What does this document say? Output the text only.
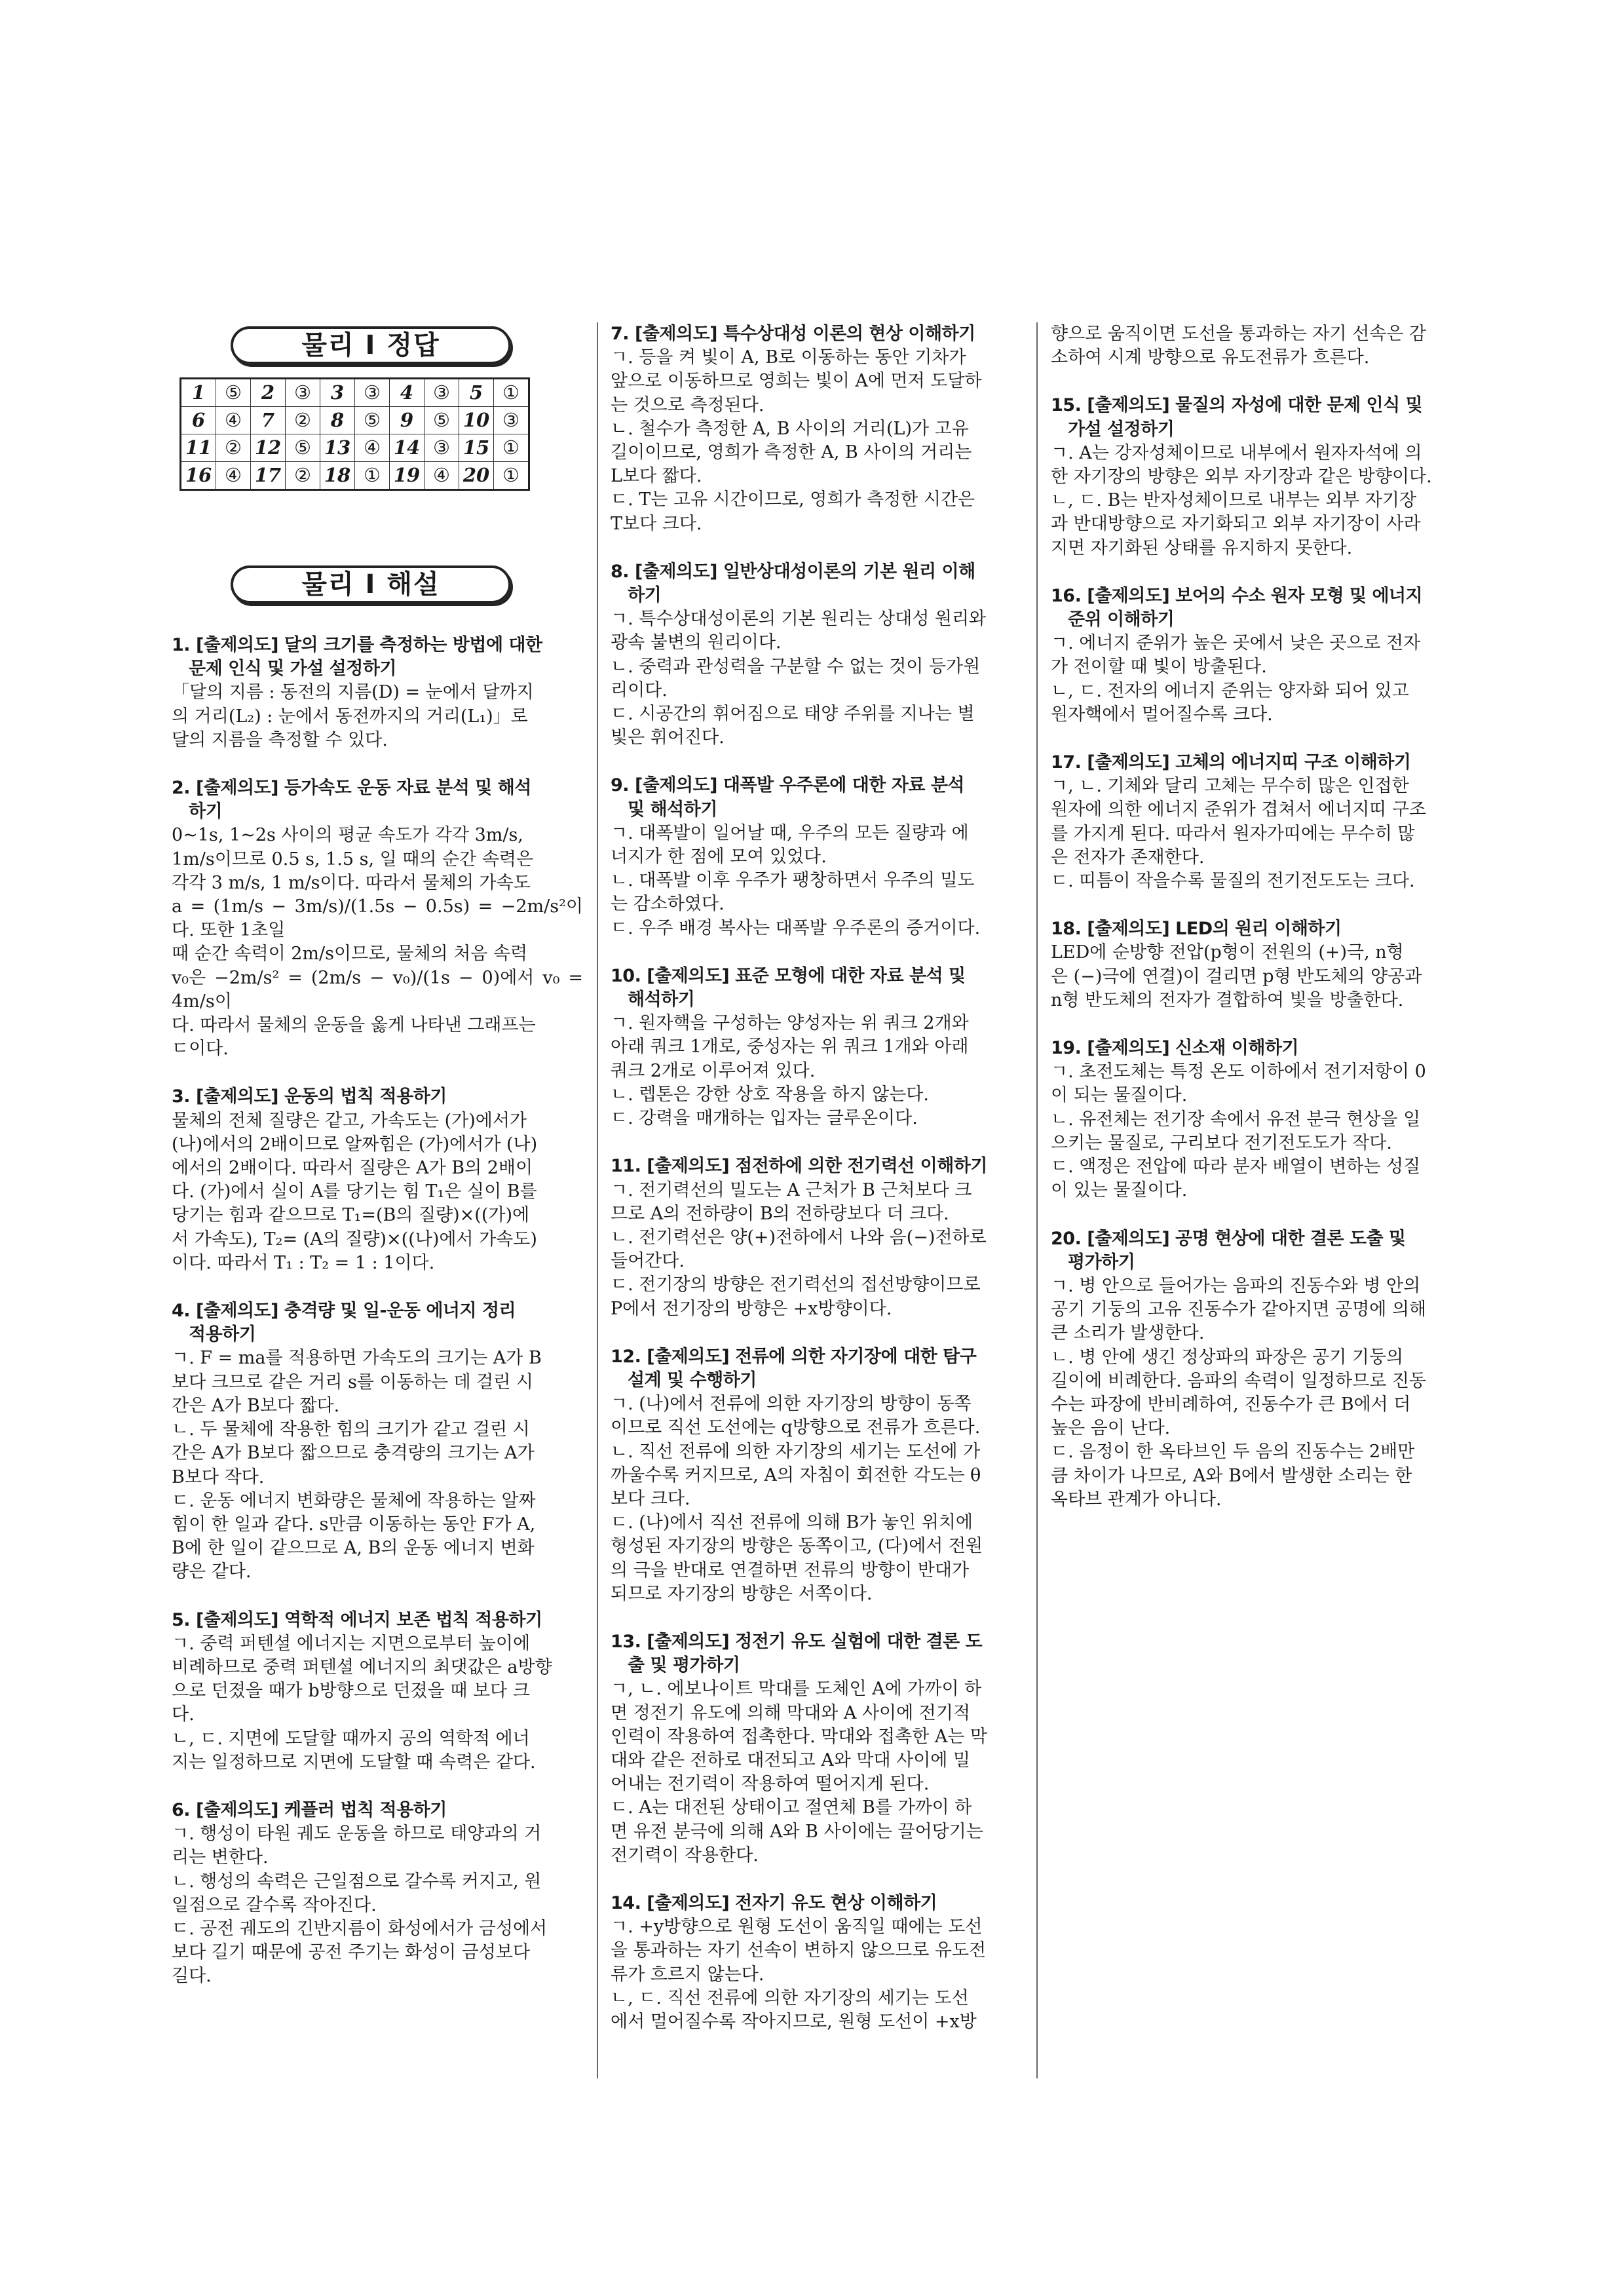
물리 Ⅰ 정답
1	⑤	2	③	3	③	4	③	5	①
6	④	7	②	8	⑤	9	⑤	10	③
11	②	12	⑤	13	④	14	③	15	①
16	④	17	②	18	①	19	④	20	①
물리 Ⅰ 해설
1. [출제의도] 달의 크기를 측정하는 방법에 대한
문제 인식 및 가설 설정하기
「달의 지름 : 동전의 지름(D) = 눈에서 달까지
의 거리(L₂) : 눈에서 동전까지의 거리(L₁)」로
달의 지름을 측정할 수 있다.
2. [출제의도] 등가속도 운동 자료 분석 및 해석
하기
0~1s, 1~2s 사이의 평균 속도가 각각 3m/s,
1m/s이므로 0.5 s, 1.5 s, 일 때의 순간 속력은
각각 3 m/s, 1 m/s이다. 따라서 물체의 가속도
a = (1m/s − 3m/s)/(1.5s − 0.5s) = −2m/s²이다. 또한 1초일
때 순간 속력이 2m/s이므로, 물체의 처음 속력
v₀은 −2m/s² = (2m/s − v₀)/(1s − 0)에서 v₀ = 4m/s이
다. 따라서 물체의 운동을 옳게 나타낸 그래프는
ㄷ이다.
3. [출제의도] 운동의 법칙 적용하기
물체의 전체 질량은 같고, 가속도는 (가)에서가
(나)에서의 2배이므로 알짜힘은 (가)에서가 (나)
에서의 2배이다. 따라서 질량은 A가 B의 2배이
다. (가)에서 실이 A를 당기는 힘 T₁은 실이 B를
당기는 힘과 같으므로 T₁=(B의 질량)×((가)에
서 가속도), T₂= (A의 질량)×((나)에서 가속도)
이다. 따라서 T₁ : T₂ = 1 : 1이다.
4. [출제의도] 충격량 및 일-운동 에너지 정리
적용하기
ㄱ. F = ma를 적용하면 가속도의 크기는 A가 B
보다 크므로 같은 거리 s를 이동하는 데 걸린 시
간은 A가 B보다 짧다.
ㄴ. 두 물체에 작용한 힘의 크기가 같고 걸린 시
간은 A가 B보다 짧으므로 충격량의 크기는 A가
B보다 작다.
ㄷ. 운동 에너지 변화량은 물체에 작용하는 알짜
힘이 한 일과 같다. s만큼 이동하는 동안 F가 A,
B에 한 일이 같으므로 A, B의 운동 에너지 변화
량은 같다.
5. [출제의도] 역학적 에너지 보존 법칙 적용하기
ㄱ. 중력 퍼텐셜 에너지는 지면으로부터 높이에
비례하므로 중력 퍼텐셜 에너지의 최댓값은 a방향
으로 던졌을 때가 b방향으로 던졌을 때 보다 크
다.
ㄴ, ㄷ. 지면에 도달할 때까지 공의 역학적 에너
지는 일정하므로 지면에 도달할 때 속력은 같다.
6. [출제의도] 케플러 법칙 적용하기
ㄱ. 행성이 타원 궤도 운동을 하므로 태양과의 거
리는 변한다.
ㄴ. 행성의 속력은 근일점으로 갈수록 커지고, 원
일점으로 갈수록 작아진다.
ㄷ. 공전 궤도의 긴반지름이 화성에서가 금성에서
보다 길기 때문에 공전 주기는 화성이 금성보다
길다.
7. [출제의도] 특수상대성 이론의 현상 이해하기
ㄱ. 등을 켜 빛이 A, B로 이동하는 동안 기차가
앞으로 이동하므로 영희는 빛이 A에 먼저 도달하
는 것으로 측정된다.
ㄴ. 철수가 측정한 A, B 사이의 거리(L)가 고유
길이이므로, 영희가 측정한 A, B 사이의 거리는
L보다 짧다.
ㄷ. T는 고유 시간이므로, 영희가 측정한 시간은
T보다 크다.
8. [출제의도] 일반상대성이론의 기본 원리 이해
하기
ㄱ. 특수상대성이론의 기본 원리는 상대성 원리와
광속 불변의 원리이다.
ㄴ. 중력과 관성력을 구분할 수 없는 것이 등가원
리이다.
ㄷ. 시공간의 휘어짐으로 태양 주위를 지나는 별
빛은 휘어진다.
9. [출제의도] 대폭발 우주론에 대한 자료 분석
및 해석하기
ㄱ. 대폭발이 일어날 때, 우주의 모든 질량과 에
너지가 한 점에 모여 있었다.
ㄴ. 대폭발 이후 우주가 팽창하면서 우주의 밀도
는 감소하였다.
ㄷ. 우주 배경 복사는 대폭발 우주론의 증거이다.
10. [출제의도] 표준 모형에 대한 자료 분석 및
해석하기
ㄱ. 원자핵을 구성하는 양성자는 위 쿼크 2개와
아래 쿼크 1개로, 중성자는 위 쿼크 1개와 아래
쿼크 2개로 이루어져 있다.
ㄴ. 렙톤은 강한 상호 작용을 하지 않는다.
ㄷ. 강력을 매개하는 입자는 글루온이다.
11. [출제의도] 점전하에 의한 전기력선 이해하기
ㄱ. 전기력선의 밀도는 A 근처가 B 근처보다 크
므로 A의 전하량이 B의 전하량보다 더 크다.
ㄴ. 전기력선은 양(+)전하에서 나와 음(−)전하로
들어간다.
ㄷ. 전기장의 방향은 전기력선의 접선방향이므로
P에서 전기장의 방향은 +x방향이다.
12. [출제의도] 전류에 의한 자기장에 대한 탐구
설계 및 수행하기
ㄱ. (나)에서 전류에 의한 자기장의 방향이 동쪽
이므로 직선 도선에는 q방향으로 전류가 흐른다.
ㄴ. 직선 전류에 의한 자기장의 세기는 도선에 가
까울수록 커지므로, A의 자침이 회전한 각도는 θ
보다 크다.
ㄷ. (나)에서 직선 전류에 의해 B가 놓인 위치에
형성된 자기장의 방향은 동쪽이고, (다)에서 전원
의 극을 반대로 연결하면 전류의 방향이 반대가
되므로 자기장의 방향은 서쪽이다.
13. [출제의도] 정전기 유도 실험에 대한 결론 도
출 및 평가하기
ㄱ, ㄴ. 에보나이트 막대를 도체인 A에 가까이 하
면 정전기 유도에 의해 막대와 A 사이에 전기적
인력이 작용하여 접촉한다. 막대와 접촉한 A는 막
대와 같은 전하로 대전되고 A와 막대 사이에 밀
어내는 전기력이 작용하여 떨어지게 된다.
ㄷ. A는 대전된 상태이고 절연체 B를 가까이 하
면 유전 분극에 의해 A와 B 사이에는 끌어당기는
전기력이 작용한다.
14. [출제의도] 전자기 유도 현상 이해하기
ㄱ. +y방향으로 원형 도선이 움직일 때에는 도선
을 통과하는 자기 선속이 변하지 않으므로 유도전
류가 흐르지 않는다.
ㄴ, ㄷ. 직선 전류에 의한 자기장의 세기는 도선
에서 멀어질수록 작아지므로, 원형 도선이 +x방
향으로 움직이면 도선을 통과하는 자기 선속은 감
소하여 시계 방향으로 유도전류가 흐른다.
15. [출제의도] 물질의 자성에 대한 문제 인식 및
가설 설정하기
ㄱ. A는 강자성체이므로 내부에서 원자자석에 의
한 자기장의 방향은 외부 자기장과 같은 방향이다.
ㄴ, ㄷ. B는 반자성체이므로 내부는 외부 자기장
과 반대방향으로 자기화되고 외부 자기장이 사라
지면 자기화된 상태를 유지하지 못한다.
16. [출제의도] 보어의 수소 원자 모형 및 에너지
준위 이해하기
ㄱ. 에너지 준위가 높은 곳에서 낮은 곳으로 전자
가 전이할 때 빛이 방출된다.
ㄴ, ㄷ. 전자의 에너지 준위는 양자화 되어 있고
원자핵에서 멀어질수록 크다.
17. [출제의도] 고체의 에너지띠 구조 이해하기
ㄱ, ㄴ. 기체와 달리 고체는 무수히 많은 인접한
원자에 의한 에너지 준위가 겹쳐서 에너지띠 구조
를 가지게 된다. 따라서 원자가띠에는 무수히 많
은 전자가 존재한다.
ㄷ. 띠틈이 작을수록 물질의 전기전도도는 크다.
18. [출제의도] LED의 원리 이해하기
LED에 순방향 전압(p형이 전원의 (+)극, n형
은 (−)극에 연결)이 걸리면 p형 반도체의 양공과
n형 반도체의 전자가 결합하여 빛을 방출한다.
19. [출제의도] 신소재 이해하기
ㄱ. 초전도체는 특정 온도 이하에서 전기저항이 0
이 되는 물질이다.
ㄴ. 유전체는 전기장 속에서 유전 분극 현상을 일
으키는 물질로, 구리보다 전기전도도가 작다.
ㄷ. 액정은 전압에 따라 분자 배열이 변하는 성질
이 있는 물질이다.
20. [출제의도] 공명 현상에 대한 결론 도출 및
평가하기
ㄱ. 병 안으로 들어가는 음파의 진동수와 병 안의
공기 기둥의 고유 진동수가 같아지면 공명에 의해
큰 소리가 발생한다.
ㄴ. 병 안에 생긴 정상파의 파장은 공기 기둥의
길이에 비례한다. 음파의 속력이 일정하므로 진동
수는 파장에 반비례하여, 진동수가 큰 B에서 더
높은 음이 난다.
ㄷ. 음정이 한 옥타브인 두 음의 진동수는 2배만
큼 차이가 나므로, A와 B에서 발생한 소리는 한
옥타브 관계가 아니다.
